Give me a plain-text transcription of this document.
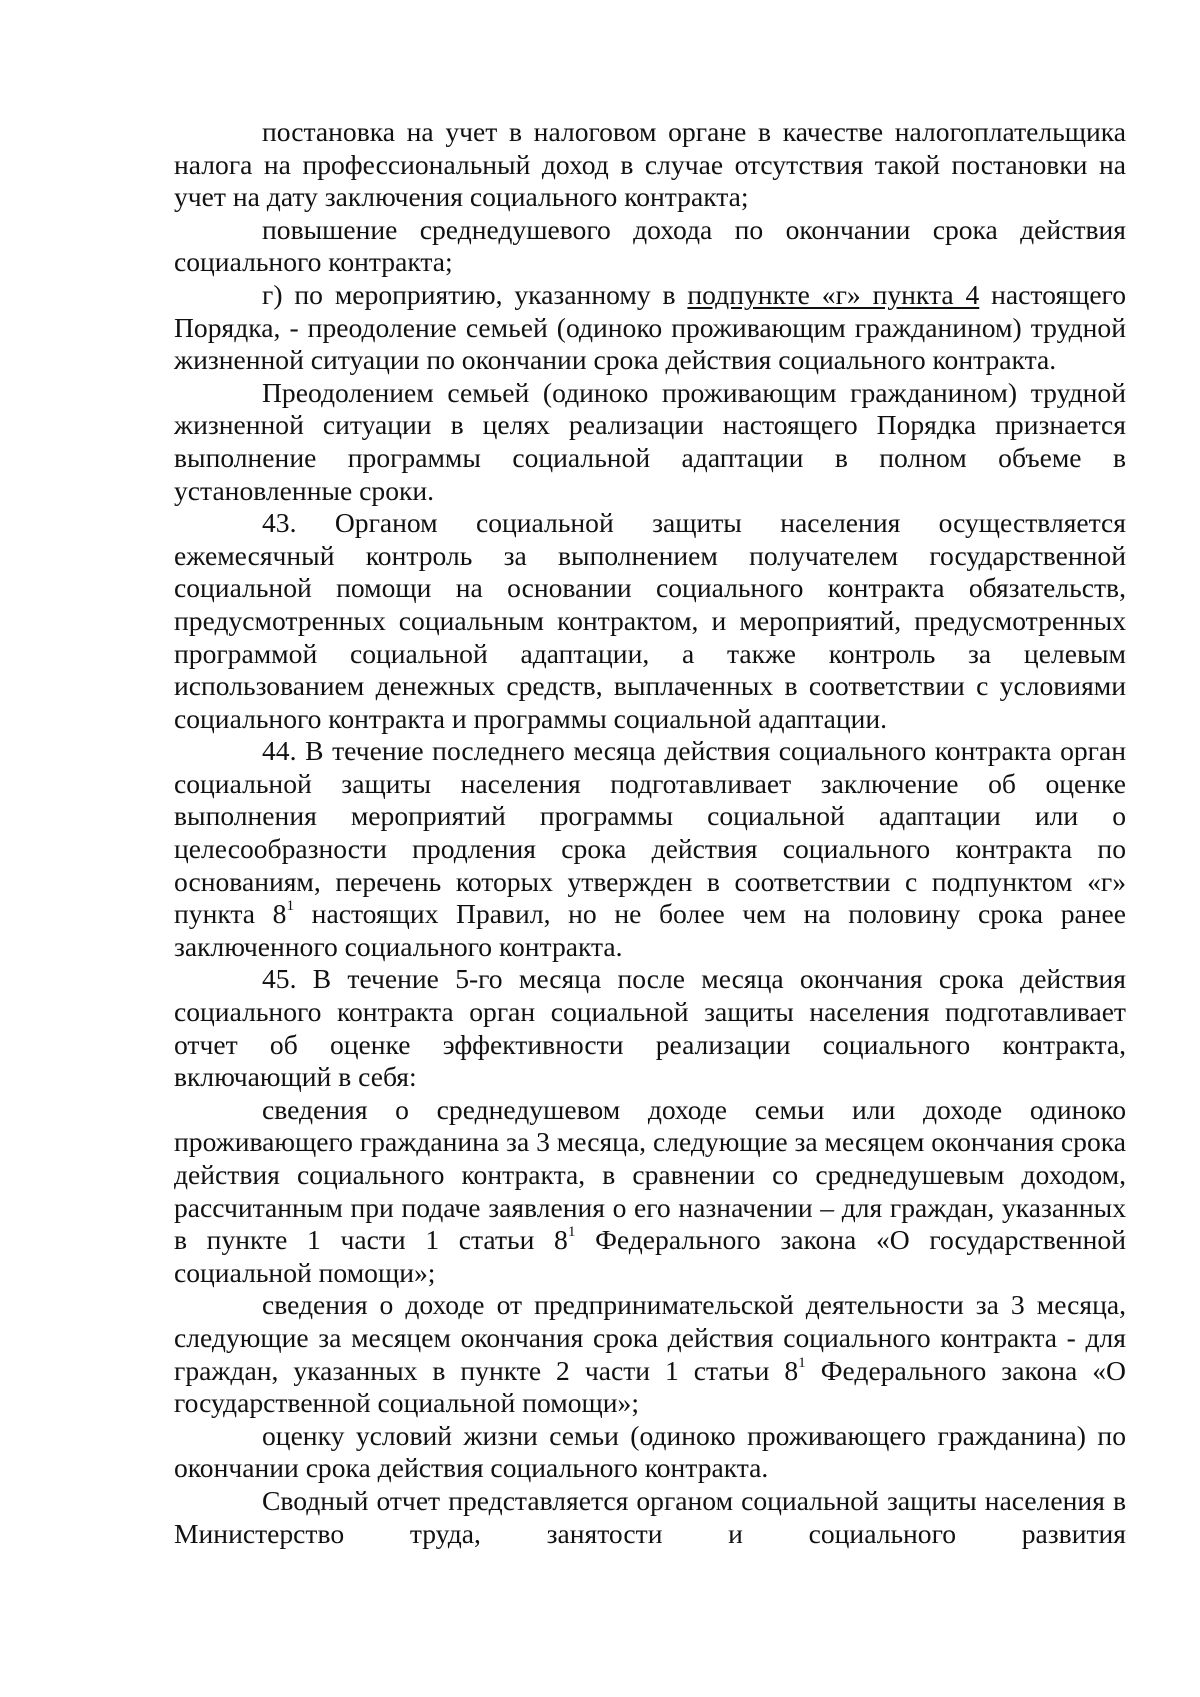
постановка на учет в налоговом органе в качестве налогоплательщика налога на профессиональный доход в случае отсутствия такой постановки на учет на дату заключения социального контракта;

повышение среднедушевого дохода по окончании срока действия социального контракта;

г) по мероприятию, указанному в подпункте «г» пункта 4 настоящего Порядка, - преодоление семьей (одиноко проживающим гражданином) трудной жизненной ситуации по окончании срока действия социального контракта.

Преодолением семьей (одиноко проживающим гражданином) трудной жизненной ситуации в целях реализации настоящего Порядка признается выполнение программы социальной адаптации в полном объеме в установленные сроки.

43. Органом социальной защиты населения осуществляется ежемесячный контроль за выполнением получателем государственной социальной помощи на основании социального контракта обязательств, предусмотренных социальным контрактом, и мероприятий, предусмотренных программой социальной адаптации, а также контроль за целевым использованием денежных средств, выплаченных в соответствии с условиями социального контракта и программы социальной адаптации.

44. В течение последнего месяца действия социального контракта орган социальной защиты населения подготавливает заключение об оценке выполнения мероприятий программы социальной адаптации или о целесообразности продления срока действия социального контракта по основаниям, перечень которых утвержден в соответствии с подпунктом «г» пункта $8^1$ настоящих Правил, но не более чем на половину срока ранее заключенного социального контракта.

45. В течение 5-го месяца после месяца окончания срока действия социального контракта орган социальной защиты населения подготавливает отчет об оценке эффективности реализации социального контракта, включающий в себя:

сведения о среднедушевом доходе семьи или доходе одиноко проживающего гражданина за 3 месяца, следующие за месяцем окончания срока действия социального контракта, в сравнении со среднедушевым доходом, рассчитанным при подаче заявления о его назначении – для граждан, указанных в пункте 1 части 1 статьи $8^1$ Федерального закона «О государственной социальной помощи»;

сведения о доходе от предпринимательской деятельности за 3 месяца, следующие за месяцем окончания срока действия социального контракта - для граждан, указанных в пункте 2 части 1 статьи $8^1$ Федерального закона «О государственной социальной помощи»;

оценку условий жизни семьи (одиноко проживающего гражданина) по окончании срока действия социального контракта.

Сводный отчет представляется органом социальной защиты населения в Министерство труда, занятости и социального развития
